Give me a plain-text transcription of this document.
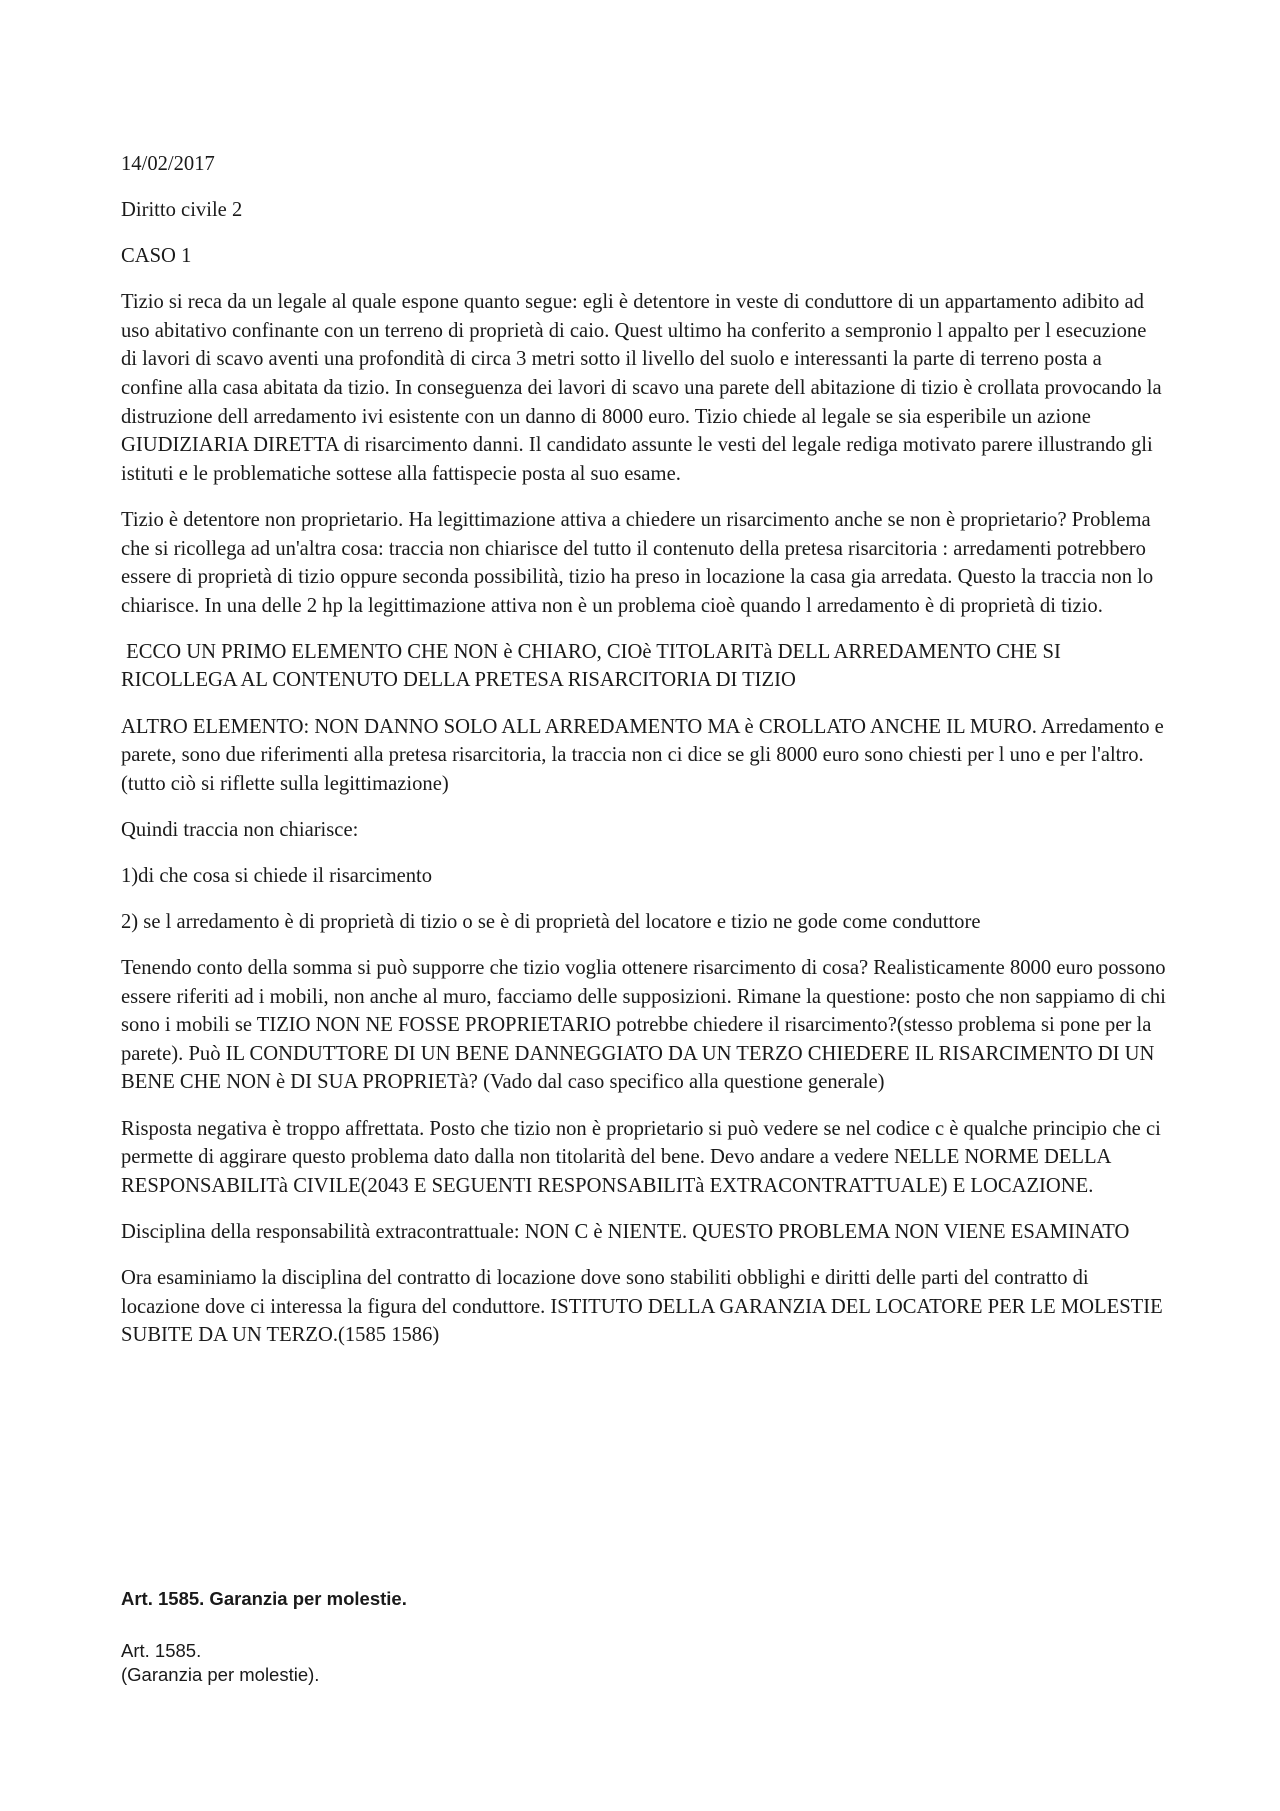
14/02/2017

Diritto civile 2

CASO 1

Tizio si reca da un legale al quale espone quanto segue: egli è detentore in veste di conduttore di un appartamento adibito ad uso abitativo confinante con un terreno di proprietà di caio. Quest ultimo ha conferito a sempronio l appalto per l esecuzione di lavori di scavo aventi una profondità di circa 3 metri sotto il livello del suolo e interessanti la parte di terreno posta a confine alla casa abitata da tizio. In conseguenza dei lavori di scavo una parete dell abitazione di tizio è crollata provocando la distruzione dell arredamento ivi esistente con un danno di 8000 euro. Tizio chiede al legale se sia esperibile un azione GIUDIZIARIA DIRETTA di risarcimento danni. Il candidato assunte le vesti del legale rediga motivato parere illustrando gli istituti e le problematiche sottese alla fattispecie posta al suo esame.

Tizio è detentore non proprietario. Ha legittimazione attiva a chiedere un risarcimento anche se non è proprietario? Problema che si ricollega ad un'altra cosa: traccia non chiarisce del tutto il contenuto della pretesa risarcitoria : arredamenti potrebbero essere di proprietà di tizio oppure seconda possibilità, tizio ha preso in locazione la casa gia arredata. Questo la traccia non lo chiarisce. In una delle 2 hp la legittimazione attiva non è un problema cioè quando l arredamento è di proprietà di tizio.

ECCO UN PRIMO ELEMENTO CHE NON è CHIARO, CIOè TITOLARITà DELL ARREDAMENTO CHE SI RICOLLEGA AL CONTENUTO DELLA PRETESA RISARCITORIA DI TIZIO

ALTRO ELEMENTO: NON DANNO SOLO ALL ARREDAMENTO MA è CROLLATO ANCHE IL MURO. Arredamento e parete, sono due riferimenti alla pretesa risarcitoria, la traccia non ci dice se gli 8000 euro sono chiesti per l uno e per l'altro. (tutto ciò si riflette sulla legittimazione)

Quindi traccia non chiarisce:

1)di che cosa si chiede il risarcimento

2) se l arredamento è di proprietà di tizio o se è di proprietà del locatore e tizio ne gode come conduttore

Tenendo conto della somma si può supporre che tizio voglia ottenere risarcimento di cosa? Realisticamente 8000 euro possono essere riferiti ad i mobili, non anche al muro, facciamo delle supposizioni. Rimane la questione: posto che non sappiamo di chi sono i mobili se TIZIO NON NE FOSSE PROPRIETARIO potrebbe chiedere il risarcimento?(stesso problema si pone per la parete). Può IL CONDUTTORE DI UN BENE DANNEGGIATO DA UN TERZO CHIEDERE IL RISARCIMENTO DI UN BENE CHE NON è DI SUA PROPRIETà? (Vado dal caso specifico alla questione generale)

Risposta negativa è troppo affrettata. Posto che tizio non è proprietario si può vedere se nel codice c è qualche principio che ci permette di aggirare questo problema dato dalla non titolarità del bene. Devo andare a vedere NELLE NORME DELLA RESPONSABILITà CIVILE(2043 E SEGUENTI RESPONSABILITà EXTRACONTRATTUALE) E LOCAZIONE.

Disciplina della responsabilità extracontrattuale: NON C è NIENTE. QUESTO PROBLEMA NON VIENE ESAMINATO

Ora esaminiamo la disciplina del contratto di locazione dove sono stabiliti obblighi e diritti delle parti del contratto di locazione dove ci interessa la figura del conduttore. ISTITUTO DELLA GARANZIA DEL LOCATORE PER LE MOLESTIE SUBITE DA UN TERZO.(1585 1586)

Art. 1585. Garanzia per molestie.

Art. 1585.
(Garanzia per molestie).
